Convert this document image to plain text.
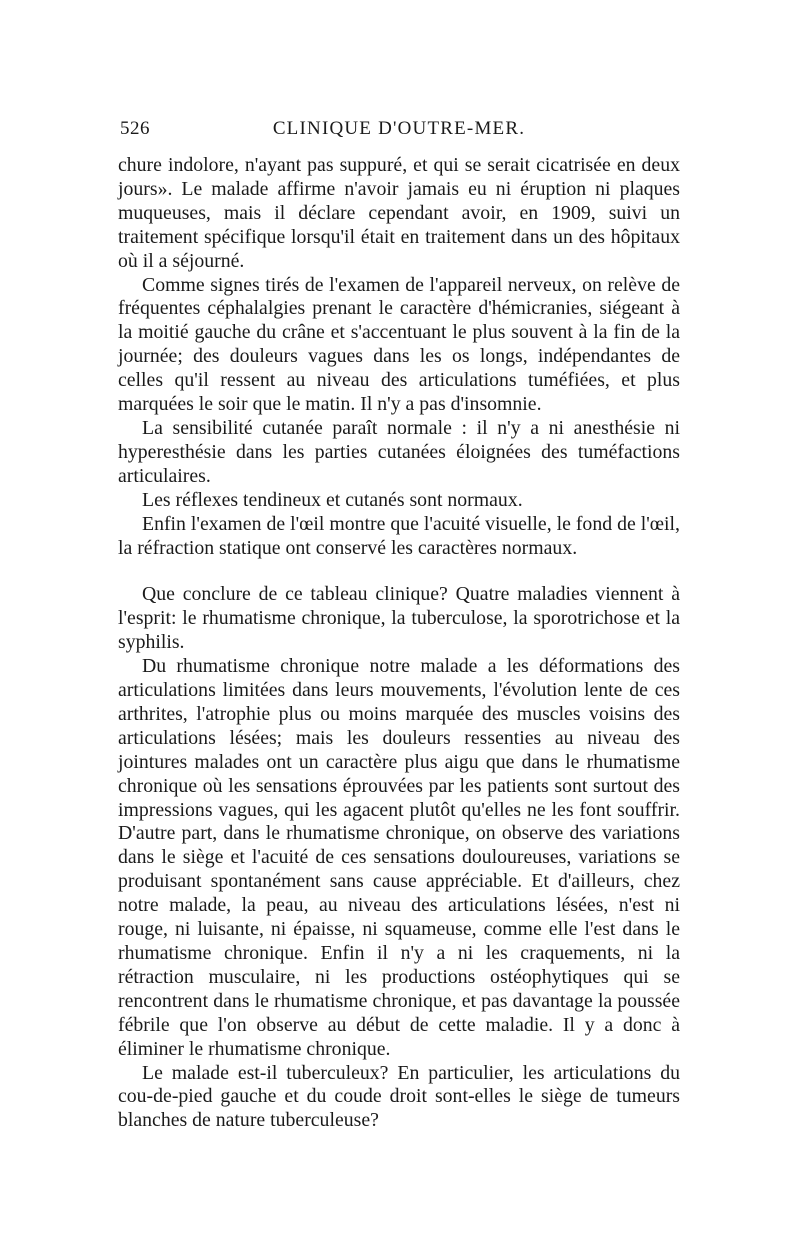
526	CLINIQUE D'OUTRE-MER.

chure indolore, n'ayant pas suppuré, et qui se serait cicatrisée en deux jours». Le malade affirme n'avoir jamais eu ni éruption ni plaques muqueuses, mais il déclare cependant avoir, en 1909, suivi un traitement spécifique lorsqu'il était en traitement dans un des hôpitaux où il a séjourné.

Comme signes tirés de l'examen de l'appareil nerveux, on relève de fréquentes céphalalgies prenant le caractère d'hémicranies, siégeant à la moitié gauche du crâne et s'accentuant le plus souvent à la fin de la journée; des douleurs vagues dans les os longs, indépendantes de celles qu'il ressent au niveau des articulations tuméfiées, et plus marquées le soir que le matin. Il n'y a pas d'insomnie.

La sensibilité cutanée paraît normale : il n'y a ni anesthésie ni hyperesthésie dans les parties cutanées éloignées des tuméfactions articulaires.

Les réflexes tendineux et cutanés sont normaux.

Enfin l'examen de l'œil montre que l'acuité visuelle, le fond de l'œil, la réfraction statique ont conservé les caractères normaux.

Que conclure de ce tableau clinique? Quatre maladies viennent à l'esprit: le rhumatisme chronique, la tuberculose, la sporotrichose et la syphilis.

Du rhumatisme chronique notre malade a les déformations des articulations limitées dans leurs mouvements, l'évolution lente de ces arthrites, l'atrophie plus ou moins marquée des muscles voisins des articulations lésées; mais les douleurs ressenties au niveau des jointures malades ont un caractère plus aigu que dans le rhumatisme chronique où les sensations éprouvées par les patients sont surtout des impressions vagues, qui les agacent plutôt qu'elles ne les font souffrir. D'autre part, dans le rhumatisme chronique, on observe des variations dans le siège et l'acuité de ces sensations douloureuses, variations se produisant spontanément sans cause appréciable. Et d'ailleurs, chez notre malade, la peau, au niveau des articulations lésées, n'est ni rouge, ni luisante, ni épaisse, ni squameuse, comme elle l'est dans le rhumatisme chronique. Enfin il n'y a ni les craquements, ni la rétraction musculaire, ni les productions ostéophytiques qui se rencontrent dans le rhumatisme chronique, et pas davantage la poussée fébrile que l'on observe au début de cette maladie. Il y a donc à éliminer le rhumatisme chronique.

Le malade est-il tuberculeux? En particulier, les articulations du cou-de-pied gauche et du coude droit sont-elles le siège de tumeurs blanches de nature tuberculeuse?
